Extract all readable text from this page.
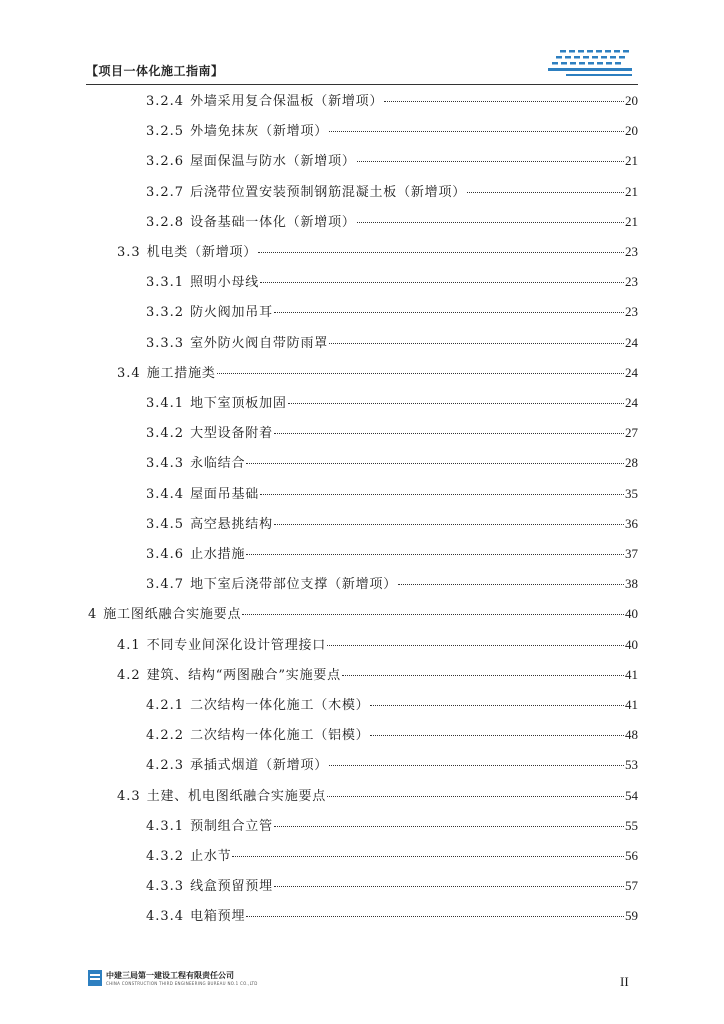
【项目一体化施工指南】
3.2.4 外墙采用复合保温板（新增项）	20
3.2.5 外墙免抹灰（新增项）	20
3.2.6 屋面保温与防水（新增项）	21
3.2.7 后浇带位置安装预制钢筋混凝土板（新增项）	21
3.2.8 设备基础一体化（新增项）	21
3.3 机电类（新增项）	23
3.3.1 照明小母线	23
3.3.2 防火阀加吊耳	23
3.3.3 室外防火阀自带防雨罩	24
3.4 施工措施类	24
3.4.1 地下室顶板加固	24
3.4.2 大型设备附着	27
3.4.3 永临结合	28
3.4.4 屋面吊基础	35
3.4.5 高空悬挑结构	36
3.4.6 止水措施	37
3.4.7 地下室后浇带部位支撑（新增项）	38
4 施工图纸融合实施要点	40
4.1 不同专业间深化设计管理接口	40
4.2 建筑、结构“两图融合”实施要点	41
4.2.1 二次结构一体化施工（木模）	41
4.2.2 二次结构一体化施工（铝模）	48
4.2.3 承插式烟道（新增项）	53
4.3 土建、机电图纸融合实施要点	54
4.3.1 预制组合立管	55
4.3.2 止水节	56
4.3.3 线盒预留预埋	57
4.3.4 电箱预埋	59
中建三局第一建设工程有限责任公司
CHINA CONSTRUCTION THIRD ENGINEERING BUREAU NO.1 CO.,LTD	II
